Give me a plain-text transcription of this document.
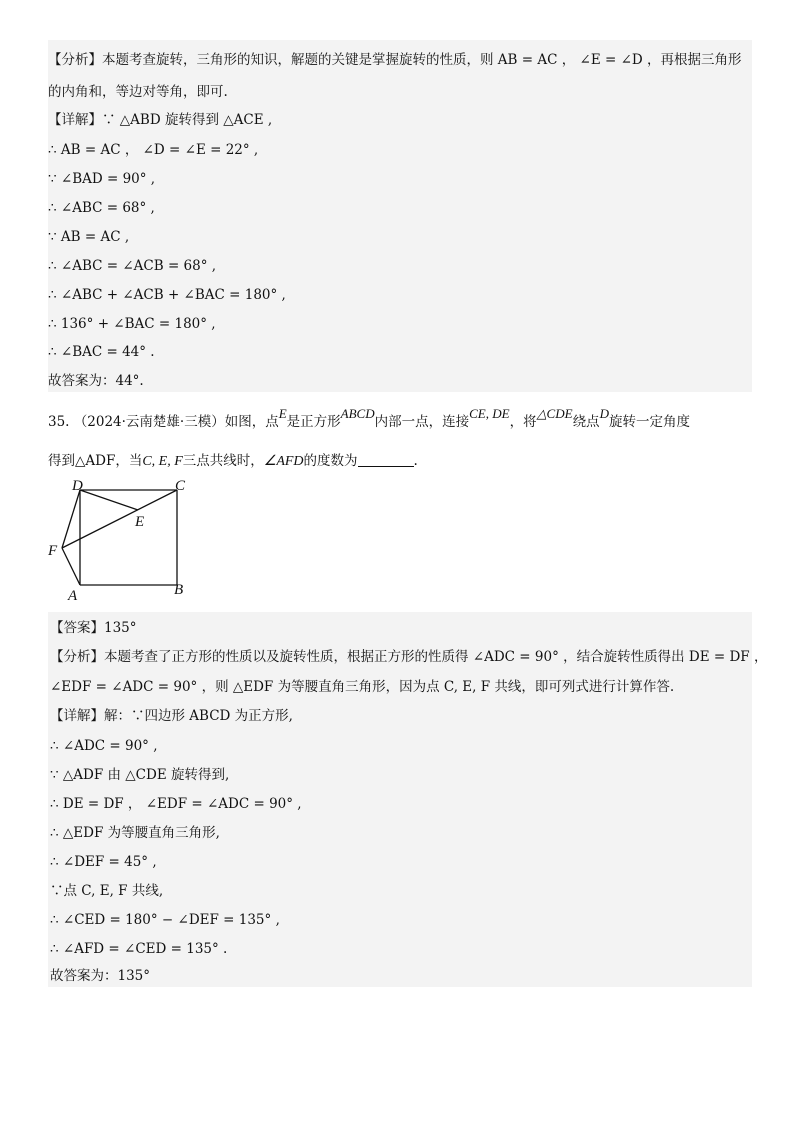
【分析】本题考查旋转，三角形的知识，解题的关键是掌握旋转的性质，则 AB = AC ， ∠E = ∠D ，再根据三角形
的内角和，等边对等角，即可.
【详解】∵ △ABD 旋转得到 △ACE ,
∴ AB = AC ， ∠D = ∠E = 22° ,
∵ ∠BAD = 90° ,
∴ ∠ABC = 68° ,
∵ AB = AC ,
∴ ∠ABC = ∠ACB = 68° ,
∴ ∠ABC + ∠ACB + ∠BAC = 180° ,
∴ 136° + ∠BAC = 180° ,
∴ ∠BAC = 44° .
故答案为：44°.
35. （2024·云南楚雄·三模）如图，点E是正方形ABCD内部一点，连接CE, DE，将△CDE绕点D旋转一定角度
得到△ADF，当C, E, F三点共线时，∠AFD的度数为	.
D	C
E
F
A	B
【答案】135°
【分析】本题考查了正方形的性质以及旋转性质，根据正方形的性质得 ∠ADC = 90° ，结合旋转性质得出 DE = DF ，
∠EDF = ∠ADC = 90° ，则 △EDF 为等腰直角三角形，因为点 C, E, F 共线，即可列式进行计算作答.
【详解】解：∵四边形 ABCD 为正方形,
∴ ∠ADC = 90° ,
∵ △ADF 由 △CDE 旋转得到,
∴ DE = DF ， ∠EDF = ∠ADC = 90° ,
∴ △EDF 为等腰直角三角形,
∴ ∠DEF = 45° ,
∵点 C, E, F 共线,
∴ ∠CED = 180° − ∠DEF = 135° ,
∴ ∠AFD = ∠CED = 135° .
故答案为：135°
